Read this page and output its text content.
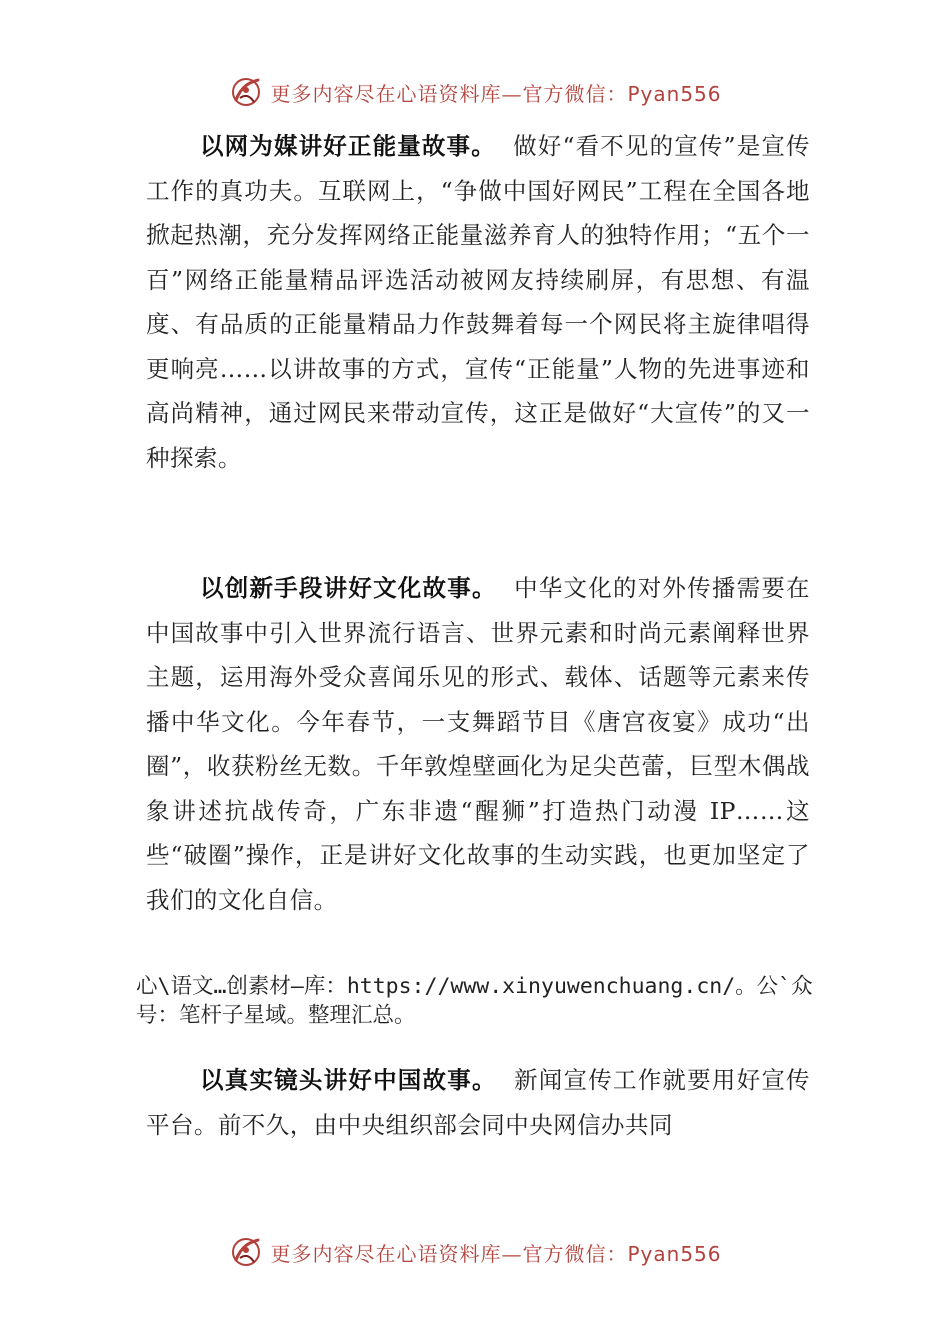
更多内容尽在心语资料库—官方微信：Pyan556

以网为媒讲好正能量故事。 做好“看不见的宣传”是宣传工作的真功夫。互联网上，“争做中国好网民”工程在全国各地掀起热潮，充分发挥网络正能量滋养育人的独特作用；“五个一百”网络正能量精品评选活动被网友持续刷屏，有思想、有温度、有品质的正能量精品力作鼓舞着每一个网民将主旋律唱得更响亮……以讲故事的方式，宣传“正能量”人物的先进事迹和高尚精神，通过网民来带动宣传，这正是做好“大宣传”的又一种探索。

以创新手段讲好文化故事。 中华文化的对外传播需要在中国故事中引入世界流行语言、世界元素和时尚元素阐释世界主题，运用海外受众喜闻乐见的形式、载体、话题等元素来传播中华文化。今年春节，一支舞蹈节目《唐宫夜宴》成功“出圈”，收获粉丝无数。千年敦煌壁画化为足尖芭蕾，巨型木偶战象讲述抗战传奇，广东非遗“醒狮”打造热门动漫 IP……这些“破圈”操作，正是讲好文化故事的生动实践，也更加坚定了我们的文化自信。

心\语文…创素材—库：https://www.xinyuwenchuang.cn/。公`众号：笔杆子星域。整理汇总。

以真实镜头讲好中国故事。 新闻宣传工作就要用好宣传平台。前不久，由中央组织部会同中央网信办共同

更多内容尽在心语资料库—官方微信：Pyan556
